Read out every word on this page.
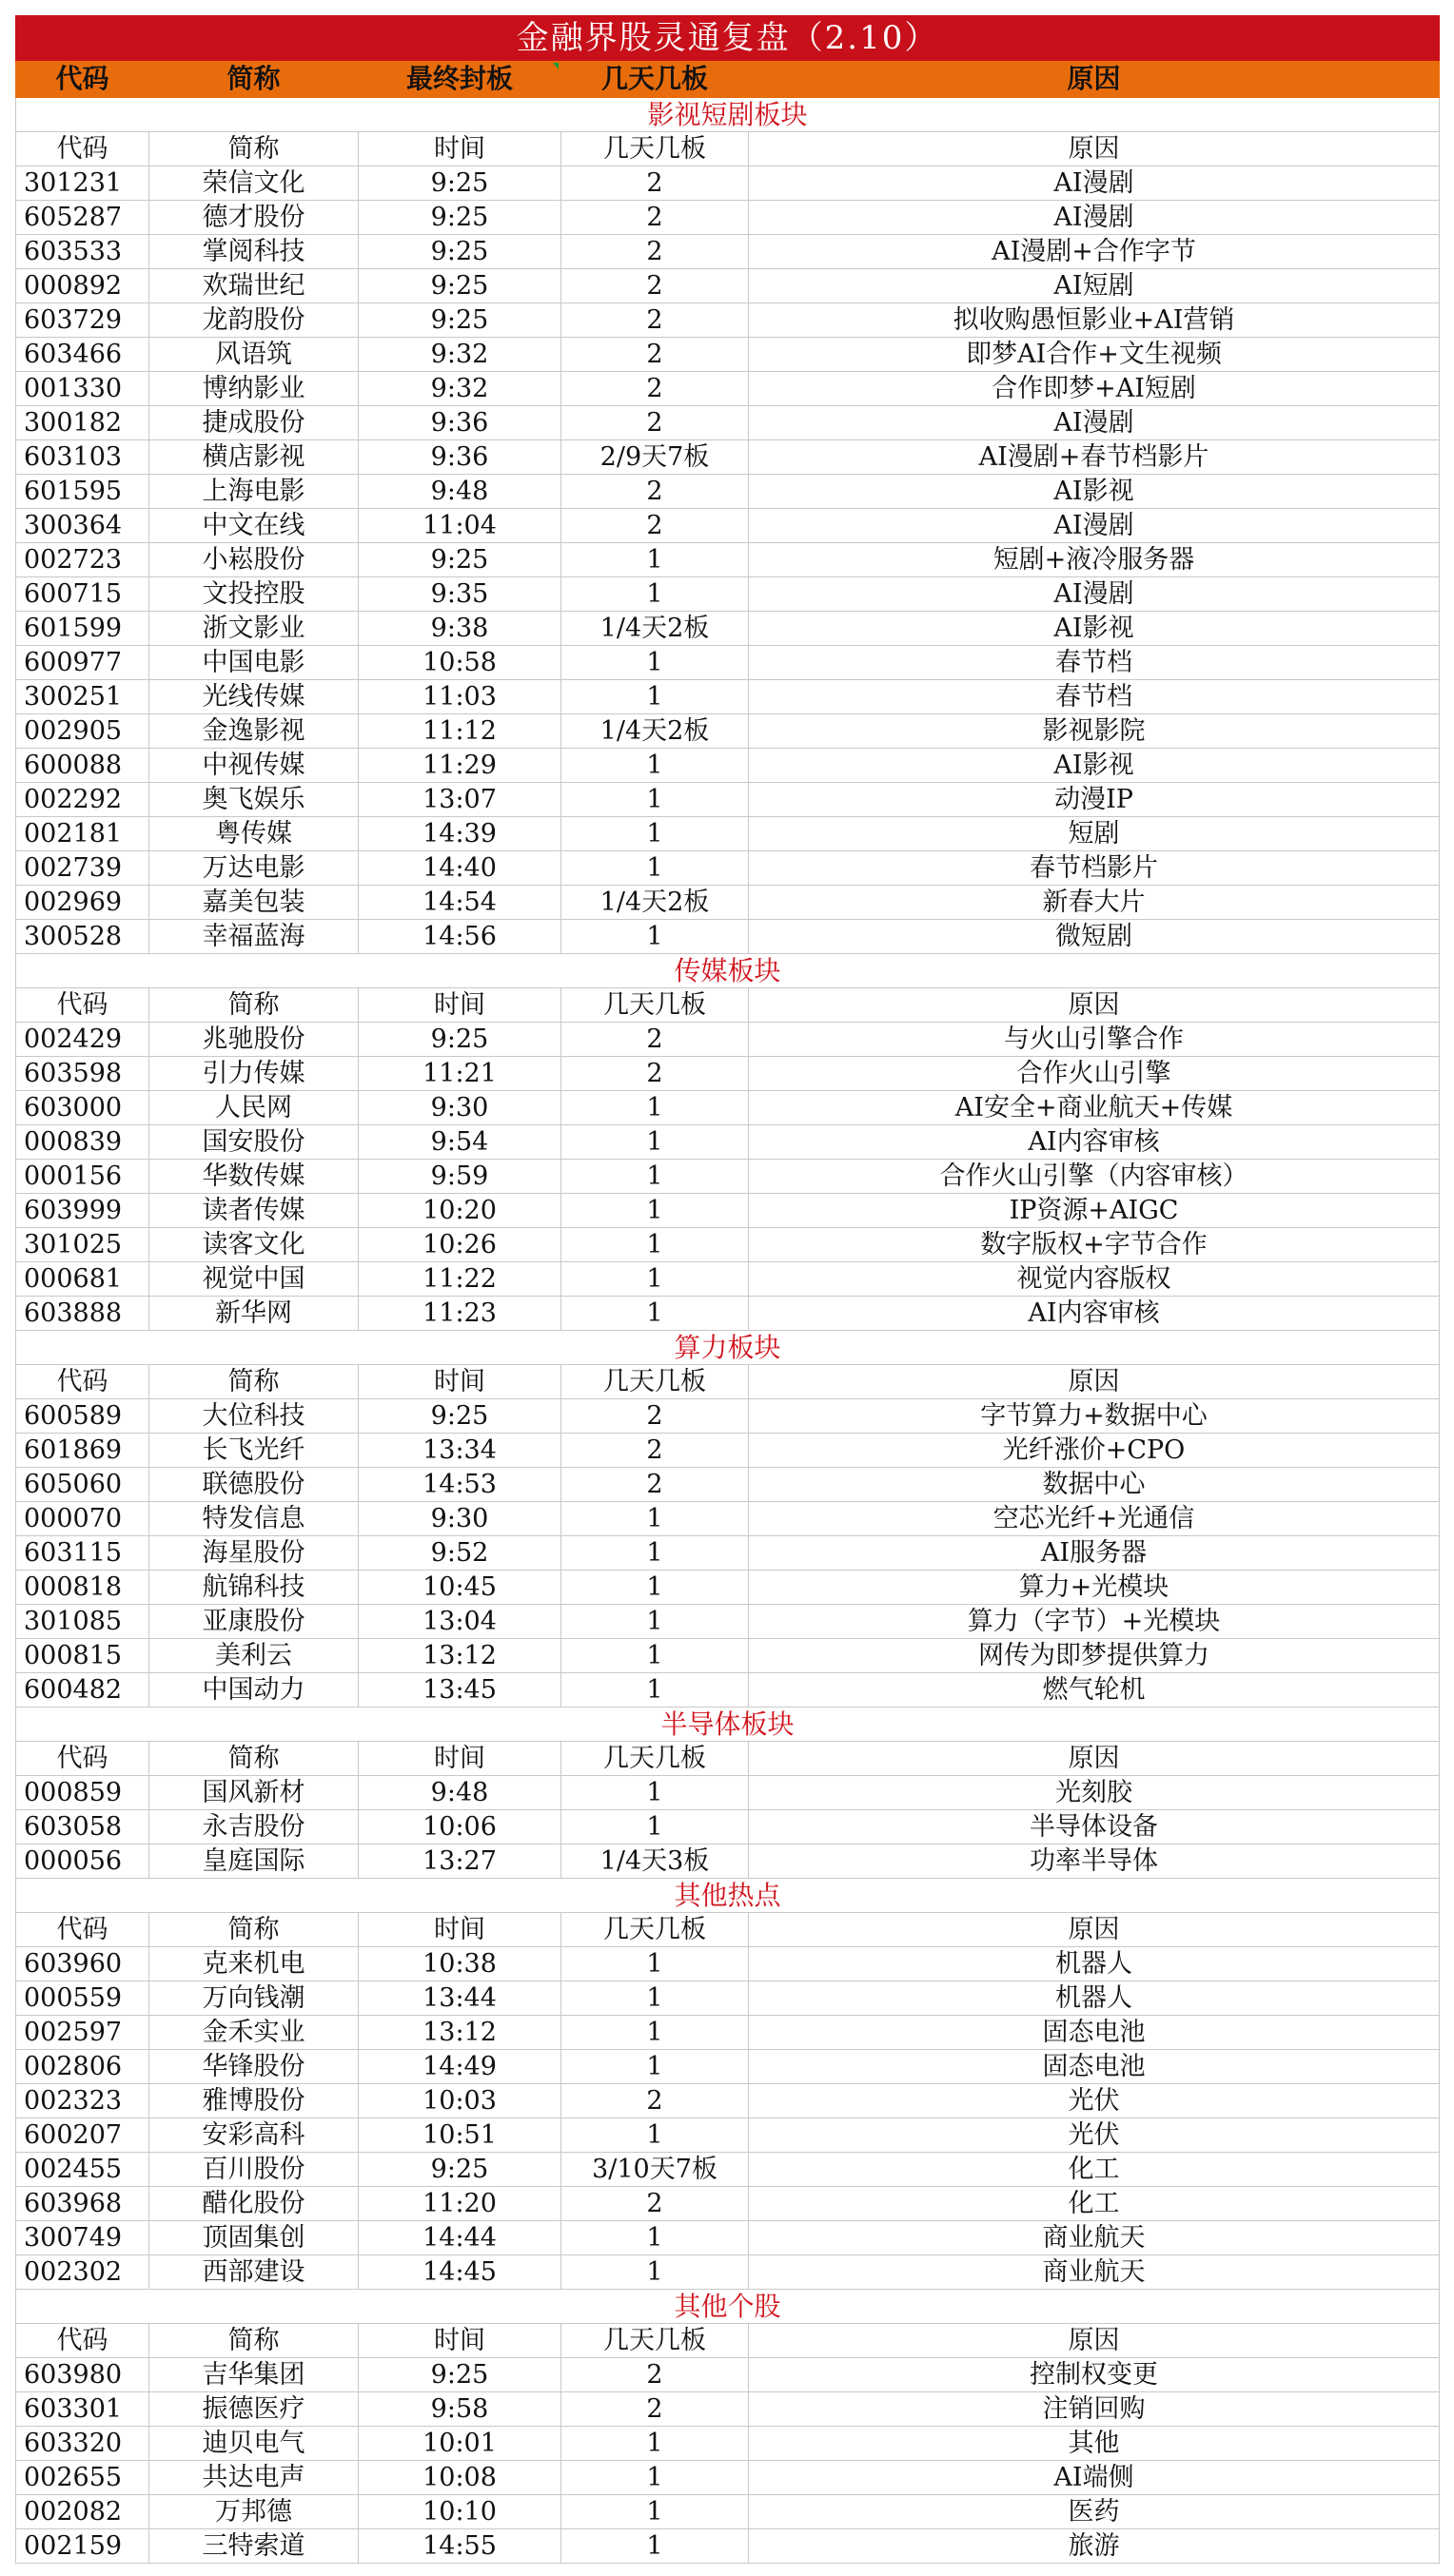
金融界股灵通复盘（2.10）				
代码	简称	最终封板	几天几板	原因
影视短剧板块				
代码	简称	时间	几天几板	原因
301231	荣信文化	9:25	2	AI漫剧
605287	德才股份	9:25	2	AI漫剧
603533	掌阅科技	9:25	2	AI漫剧+合作字节
000892	欢瑞世纪	9:25	2	AI短剧
603729	龙韵股份	9:25	2	拟收购愚恒影业+AI营销
603466	风语筑	9:32	2	即梦AI合作+文生视频
001330	博纳影业	9:32	2	合作即梦+AI短剧
300182	捷成股份	9:36	2	AI漫剧
603103	横店影视	9:36	2/9天7板	AI漫剧+春节档影片
601595	上海电影	9:48	2	AI影视
300364	中文在线	11:04	2	AI漫剧
002723	小崧股份	9:25	1	短剧+液冷服务器
600715	文投控股	9:35	1	AI漫剧
601599	浙文影业	9:38	1/4天2板	AI影视
600977	中国电影	10:58	1	春节档
300251	光线传媒	11:03	1	春节档
002905	金逸影视	11:12	1/4天2板	影视影院
600088	中视传媒	11:29	1	AI影视
002292	奥飞娱乐	13:07	1	动漫IP
002181	粤传媒	14:39	1	短剧
002739	万达电影	14:40	1	春节档影片
002969	嘉美包装	14:54	1/4天2板	新春大片
300528	幸福蓝海	14:56	1	微短剧
传媒板块				
代码	简称	时间	几天几板	原因
002429	兆驰股份	9:25	2	与火山引擎合作
603598	引力传媒	11:21	2	合作火山引擎
603000	人民网	9:30	1	AI安全+商业航天+传媒
000839	国安股份	9:54	1	AI内容审核
000156	华数传媒	9:59	1	合作火山引擎（内容审核）
603999	读者传媒	10:20	1	IP资源+AIGC
301025	读客文化	10:26	1	数字版权+字节合作
000681	视觉中国	11:22	1	视觉内容版权
603888	新华网	11:23	1	AI内容审核
算力板块				
代码	简称	时间	几天几板	原因
600589	大位科技	9:25	2	字节算力+数据中心
601869	长飞光纤	13:34	2	光纤涨价+CPO
605060	联德股份	14:53	2	数据中心
000070	特发信息	9:30	1	空芯光纤+光通信
603115	海星股份	9:52	1	AI服务器
000818	航锦科技	10:45	1	算力+光模块
301085	亚康股份	13:04	1	算力（字节）+光模块
000815	美利云	13:12	1	网传为即梦提供算力
600482	中国动力	13:45	1	燃气轮机
半导体板块				
代码	简称	时间	几天几板	原因
000859	国风新材	9:48	1	光刻胶
603058	永吉股份	10:06	1	半导体设备
000056	皇庭国际	13:27	1/4天3板	功率半导体
其他热点				
代码	简称	时间	几天几板	原因
603960	克来机电	10:38	1	机器人
000559	万向钱潮	13:44	1	机器人
002597	金禾实业	13:12	1	固态电池
002806	华锋股份	14:49	1	固态电池
002323	雅博股份	10:03	2	光伏
600207	安彩高科	10:51	1	光伏
002455	百川股份	9:25	3/10天7板	化工
603968	醋化股份	11:20	2	化工
300749	顶固集创	14:44	1	商业航天
002302	西部建设	14:45	1	商业航天
其他个股				
代码	简称	时间	几天几板	原因
603980	吉华集团	9:25	2	控制权变更
603301	振德医疗	9:58	2	注销回购
603320	迪贝电气	10:01	1	其他
002655	共达电声	10:08	1	AI端侧
002082	万邦德	10:10	1	医药
002159	三特索道	14:55	1	旅游
